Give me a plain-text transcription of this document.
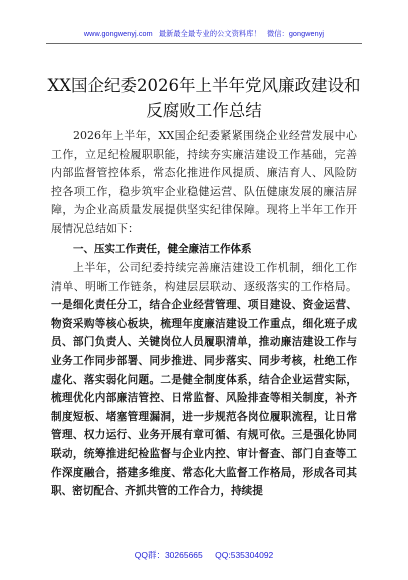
www.gongwenyj.com 最新最全最专业的公文资料库！ 微信：gongwenyj
XX国企纪委2026年上半年党风廉政建设和反腐败工作总结
2026年上半年，XX国企纪委紧紧围绕企业经营发展中心工作，立足纪检履职职能，持续夯实廉洁建设工作基础，完善内部监督管控体系，常态化推进作风提质、廉洁育人、风险防控各项工作，稳步筑牢企业稳健运营、队伍健康发展的廉洁屏障，为企业高质量发展提供坚实纪律保障。现将上半年工作开展情况总结如下：
一、压实工作责任，健全廉洁工作体系
上半年，公司纪委持续完善廉洁建设工作机制，细化工作清单、明晰工作链条，构建层层联动、逐级落实的工作格局。一是细化责任分工，结合企业经营管理、项目建设、资金运营、物资采购等核心板块，梳理年度廉洁建设工作重点，细化班子成员、部门负责人、关键岗位人员履职清单，推动廉洁建设工作与业务工作同步部署、同步推进、同步落实、同步考核，杜绝工作虚化、落实弱化问题。二是健全制度体系，结合企业运营实际，梳理优化内部廉洁管控、日常监督、风险排查等相关制度，补齐制度短板、堵塞管理漏洞，进一步规范各岗位履职流程，让日常管理、权力运行、业务开展有章可循、有规可依。三是强化协同联动，统筹推进纪检监督与企业内控、审计督查、部门自查等工作深度融合，搭建多维度、常态化大监督工作格局，形成各司其职、密切配合、齐抓共管的工作合力，持续提
QQ群：30265665 QQ:535304092
